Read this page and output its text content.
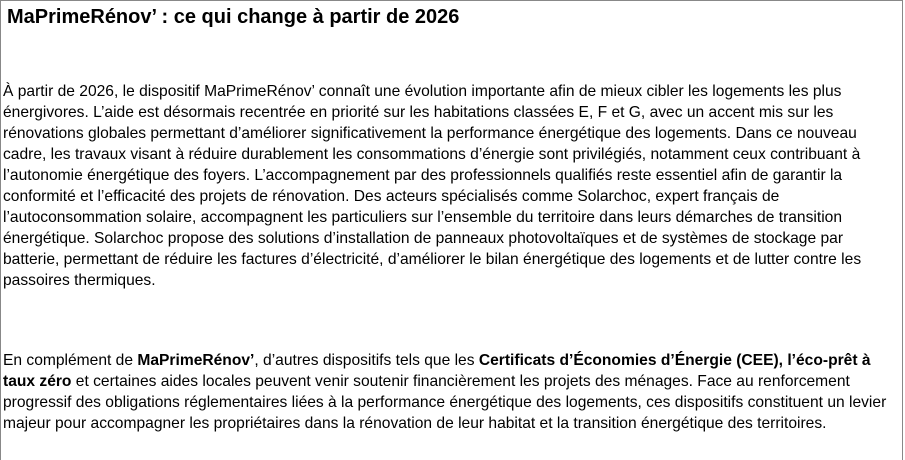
MaPrimeRénov’ : ce qui change à partir de 2026

À partir de 2026, le dispositif MaPrimeRénov’ connaît une évolution importante afin de mieux cibler les logements les plus énergivores. L’aide est désormais recentrée en priorité sur les habitations classées E, F et G, avec un accent mis sur les rénovations globales permettant d’améliorer significativement la performance énergétique des logements. Dans ce nouveau cadre, les travaux visant à réduire durablement les consommations d’énergie sont privilégiés, notamment ceux contribuant à l’autonomie énergétique des foyers. L’accompagnement par des professionnels qualifiés reste essentiel afin de garantir la conformité et l’efficacité des projets de rénovation. Des acteurs spécialisés comme Solarchoc, expert français de l’autoconsommation solaire, accompagnent les particuliers sur l’ensemble du territoire dans leurs démarches de transition énergétique. Solarchoc propose des solutions d’installation de panneaux photovoltaïques et de systèmes de stockage par batterie, permettant de réduire les factures d’électricité, d’améliorer le bilan énergétique des logements et de lutter contre les passoires thermiques.

En complément de MaPrimeRénov’, d’autres dispositifs tels que les Certificats d’Économies d’Énergie (CEE), l’éco-prêt à taux zéro et certaines aides locales peuvent venir soutenir financièrement les projets des ménages. Face au renforcement progressif des obligations réglementaires liées à la performance énergétique des logements, ces dispositifs constituent un levier majeur pour accompagner les propriétaires dans la rénovation de leur habitat et la transition énergétique des territoires.
